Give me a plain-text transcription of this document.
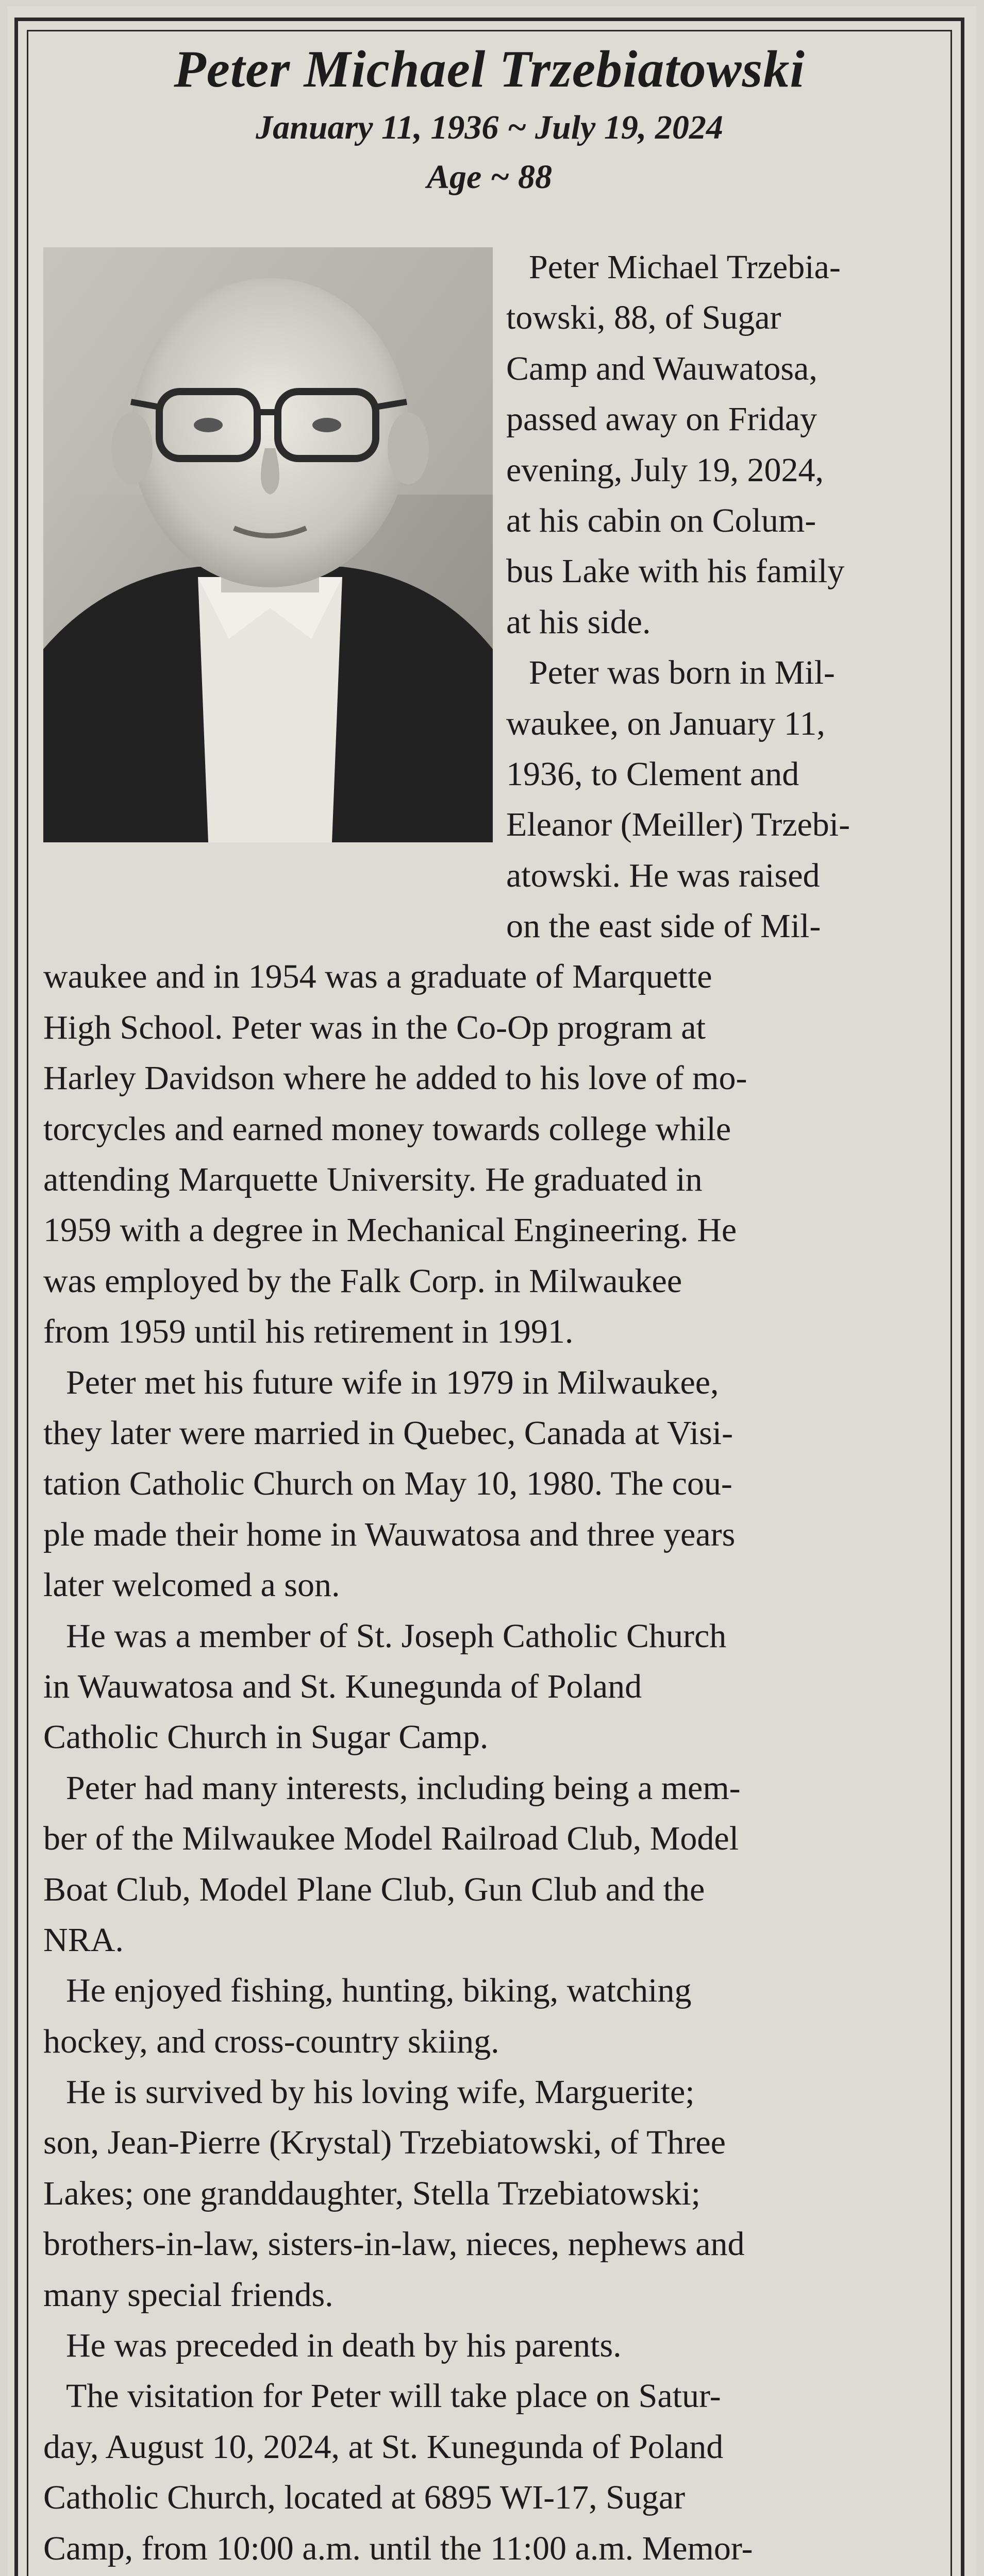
Peter Michael Trzebiatowski
January 11, 1936 ~ July 19, 2024
Age ~ 88
Peter Michael Trzebia-
towski, 88, of Sugar
Camp and Wauwatosa,
passed away on Friday
evening, July 19, 2024,
at his cabin on Colum-
bus Lake with his family
at his side.
Peter was born in Mil-
waukee, on January 11,
1936, to Clement and
Eleanor (Meiller) Trzebi-
atowski. He was raised
on the east side of Mil-
waukee and in 1954 was a graduate of Marquette
High School. Peter was in the Co-Op program at
Harley Davidson where he added to his love of mo-
torcycles and earned money towards college while
attending Marquette University. He graduated in
1959 with a degree in Mechanical Engineering. He
was employed by the Falk Corp. in Milwaukee
from 1959 until his retirement in 1991.
Peter met his future wife in 1979 in Milwaukee,
they later were married in Quebec, Canada at Visi-
tation Catholic Church on May 10, 1980. The cou-
ple made their home in Wauwatosa and three years
later welcomed a son.
He was a member of St. Joseph Catholic Church
in Wauwatosa and St. Kunegunda of Poland
Catholic Church in Sugar Camp.
Peter had many interests, including being a mem-
ber of the Milwaukee Model Railroad Club, Model
Boat Club, Model Plane Club, Gun Club and the
NRA.
He enjoyed fishing, hunting, biking, watching
hockey, and cross-country skiing.
He is survived by his loving wife, Marguerite;
son, Jean-Pierre (Krystal) Trzebiatowski, of Three
Lakes; one granddaughter, Stella Trzebiatowski;
brothers-in-law, sisters-in-law, nieces, nephews and
many special friends.
He was preceded in death by his parents.
The visitation for Peter will take place on Satur-
day, August 10, 2024, at St. Kunegunda of Poland
Catholic Church, located at 6895 WI-17, Sugar
Camp, from 10:00 a.m. until the 11:00 a.m. Memor-
